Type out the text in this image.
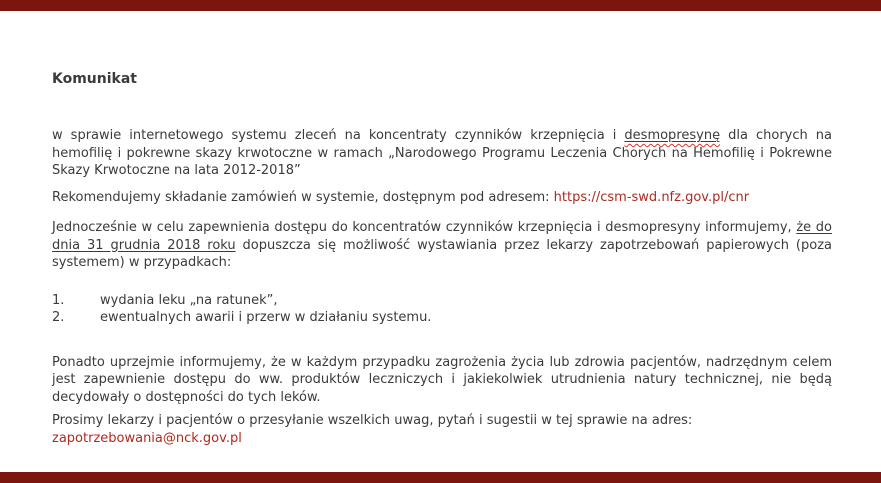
Komunikat

w sprawie internetowego systemu zleceń na koncentraty czynników krzepnięcia i desmopresynę dla chorych na hemofilię i pokrewne skazy krwotoczne w ramach „Narodowego Programu Leczenia Chorych na Hemofilię i Pokrewne Skazy Krwotoczne na lata 2012-2018”

Rekomendujemy składanie zamówień w systemie, dostępnym pod adresem: https://csm-swd.nfz.gov.pl/cnr

Jednocześnie w celu zapewnienia dostępu do koncentratów czynników krzepnięcia i desmopresyny informujemy, że do dnia 31 grudnia 2018 roku dopuszcza się możliwość wystawiania przez lekarzy zapotrzebowań papierowych (poza systemem) w przypadkach:

1.	wydania leku „na ratunek”,
2.	ewentualnych awarii i przerw w działaniu systemu.

Ponadto uprzejmie informujemy, że w każdym przypadku zagrożenia życia lub zdrowia pacjentów, nadrzędnym celem jest zapewnienie dostępu do ww. produktów leczniczych i jakiekolwiek utrudnienia natury technicznej, nie będą decydowały o dostępności do tych leków.

Prosimy lekarzy i pacjentów o przesyłanie wszelkich uwag, pytań i sugestii w tej sprawie na adres:
zapotrzebowania@nck.gov.pl
